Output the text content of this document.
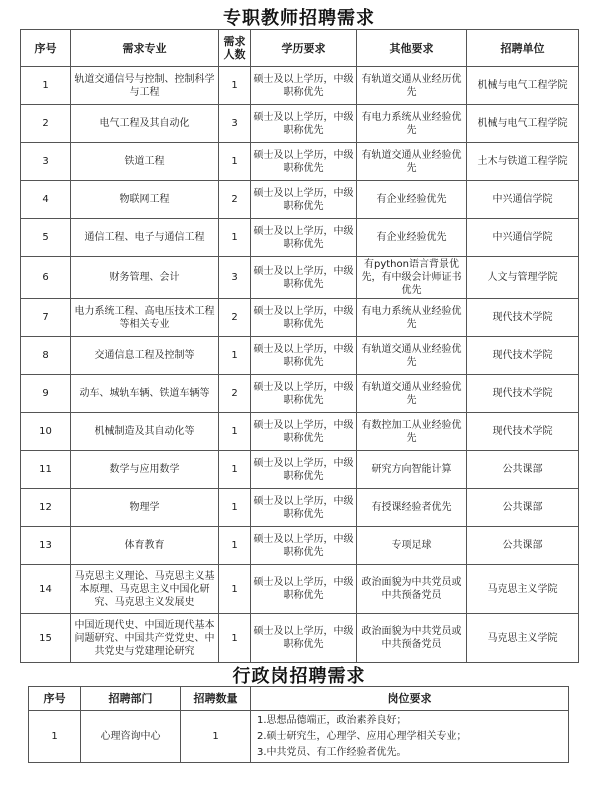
专职教师招聘需求
序号	需求专业	需求人数	学历要求	其他要求	招聘单位
1	轨道交通信号与控制、控制科学与工程	1	硕士及以上学历，中级职称优先	有轨道交通从业经历优先	机械与电气工程学院
2	电气工程及其自动化	3	硕士及以上学历，中级职称优先	有电力系统从业经验优先	机械与电气工程学院
3	铁道工程	1	硕士及以上学历，中级职称优先	有轨道交通从业经验优先	土木与铁道工程学院
4	物联网工程	2	硕士及以上学历，中级职称优先	有企业经验优先	中兴通信学院
5	通信工程、电子与通信工程	1	硕士及以上学历，中级职称优先	有企业经验优先	中兴通信学院
6	财务管理、会计	3	硕士及以上学历，中级职称优先	有python语言背景优先，有中级会计师证书优先	人文与管理学院
7	电力系统工程、高电压技术工程等相关专业	2	硕士及以上学历，中级职称优先	有电力系统从业经验优先	现代技术学院
8	交通信息工程及控制等	1	硕士及以上学历，中级职称优先	有轨道交通从业经验优先	现代技术学院
9	动车、城轨车辆、铁道车辆等	2	硕士及以上学历，中级职称优先	有轨道交通从业经验优先	现代技术学院
10	机械制造及其自动化等	1	硕士及以上学历，中级职称优先	有数控加工从业经验优先	现代技术学院
11	数学与应用数学	1	硕士及以上学历，中级职称优先	研究方向智能计算	公共课部
12	物理学	1	硕士及以上学历，中级职称优先	有授课经验者优先	公共课部
13	体育教育	1	硕士及以上学历，中级职称优先	专项足球	公共课部
14	马克思主义理论、马克思主义基本原理、马克思主义中国化研究、马克思主义发展史	1	硕士及以上学历，中级职称优先	政治面貌为中共党员或中共预备党员	马克思主义学院
15	中国近现代史、中国近现代基本问题研究、中国共产党党史、中共党史与党建理论研究	1	硕士及以上学历，中级职称优先	政治面貌为中共党员或中共预备党员	马克思主义学院
行政岗招聘需求
序号	招聘部门	招聘数量	岗位要求
1	心理咨询中心	1	1.思想品德端正，政治素养良好；
2.硕士研究生，心理学、应用心理学相关专业；
3.中共党员、有工作经验者优先。
